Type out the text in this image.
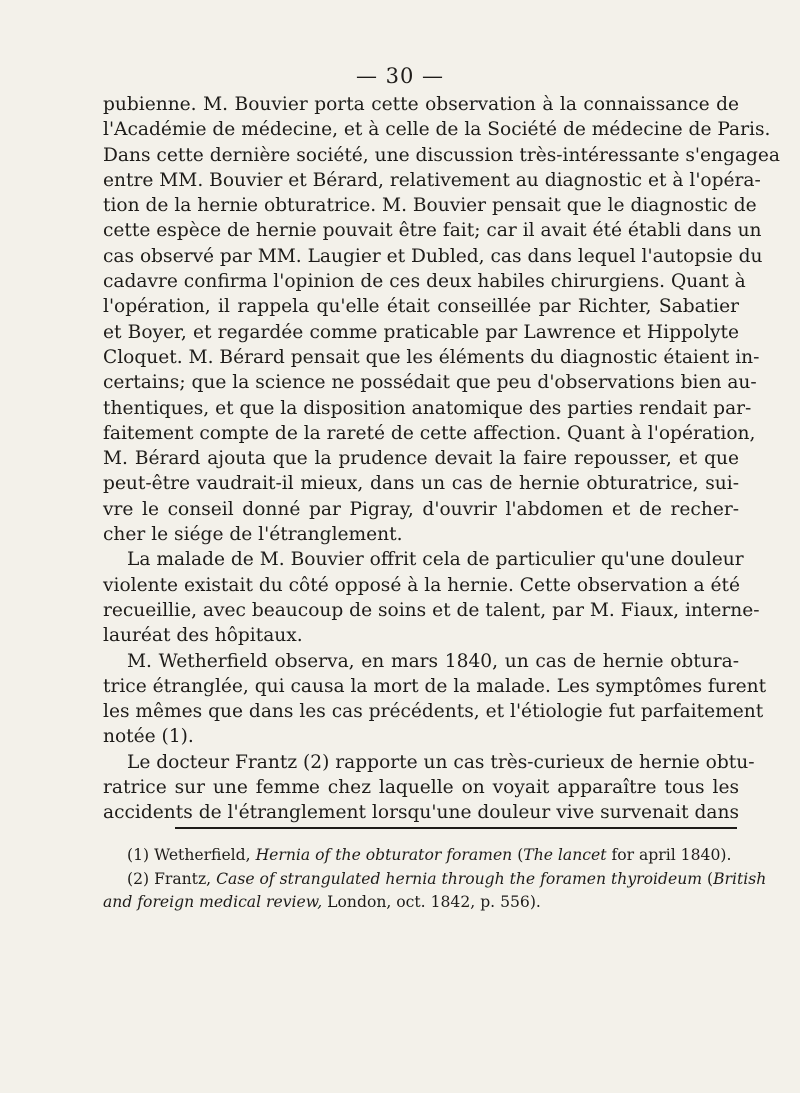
— 30 —
pubienne. M. Bouvier porta cette observation à la connaissance de
l'Académie de médecine, et à celle de la Société de médecine de Paris.
Dans cette dernière société, une discussion très-intéressante s'engagea
entre MM. Bouvier et Bérard, relativement au diagnostic et à l'opéra-
tion de la hernie obturatrice. M. Bouvier pensait que le diagnostic de
cette espèce de hernie pouvait être fait; car il avait été établi dans un
cas observé par MM. Laugier et Dubled, cas dans lequel l'autopsie du
cadavre confirma l'opinion de ces deux habiles chirurgiens. Quant à
l'opération, il rappela qu'elle était conseillée par Richter, Sabatier
et Boyer, et regardée comme praticable par Lawrence et Hippolyte
Cloquet. M. Bérard pensait que les éléments du diagnostic étaient in-
certains; que la science ne possédait que peu d'observations bien au-
thentiques, et que la disposition anatomique des parties rendait par-
faitement compte de la rareté de cette affection. Quant à l'opération,
M. Bérard ajouta que la prudence devait la faire repousser, et que
peut-être vaudrait-il mieux, dans un cas de hernie obturatrice, sui-
vre le conseil donné par Pigray, d'ouvrir l'abdomen et de recher-
cher le siége de l'étranglement.
La malade de M. Bouvier offrit cela de particulier qu'une douleur
violente existait du côté opposé à la hernie. Cette observation a été
recueillie, avec beaucoup de soins et de talent, par M. Fiaux, interne-
lauréat des hôpitaux.
M. Wetherfield observa, en mars 1840, un cas de hernie obtura-
trice étranglée, qui causa la mort de la malade. Les symptômes furent
les mêmes que dans les cas précédents, et l'étiologie fut parfaitement
notée (1).
Le docteur Frantz (2) rapporte un cas très-curieux de hernie obtu-
ratrice sur une femme chez laquelle on voyait apparaître tous les
accidents de l'étranglement lorsqu'une douleur vive survenait dans
(1) Wetherfield, Hernia of the obturator foramen (The lancet for april 1840).
(2) Frantz, Case of strangulated hernia through the foramen thyroideum (British
and foreign medical review, London, oct. 1842, p. 556).
